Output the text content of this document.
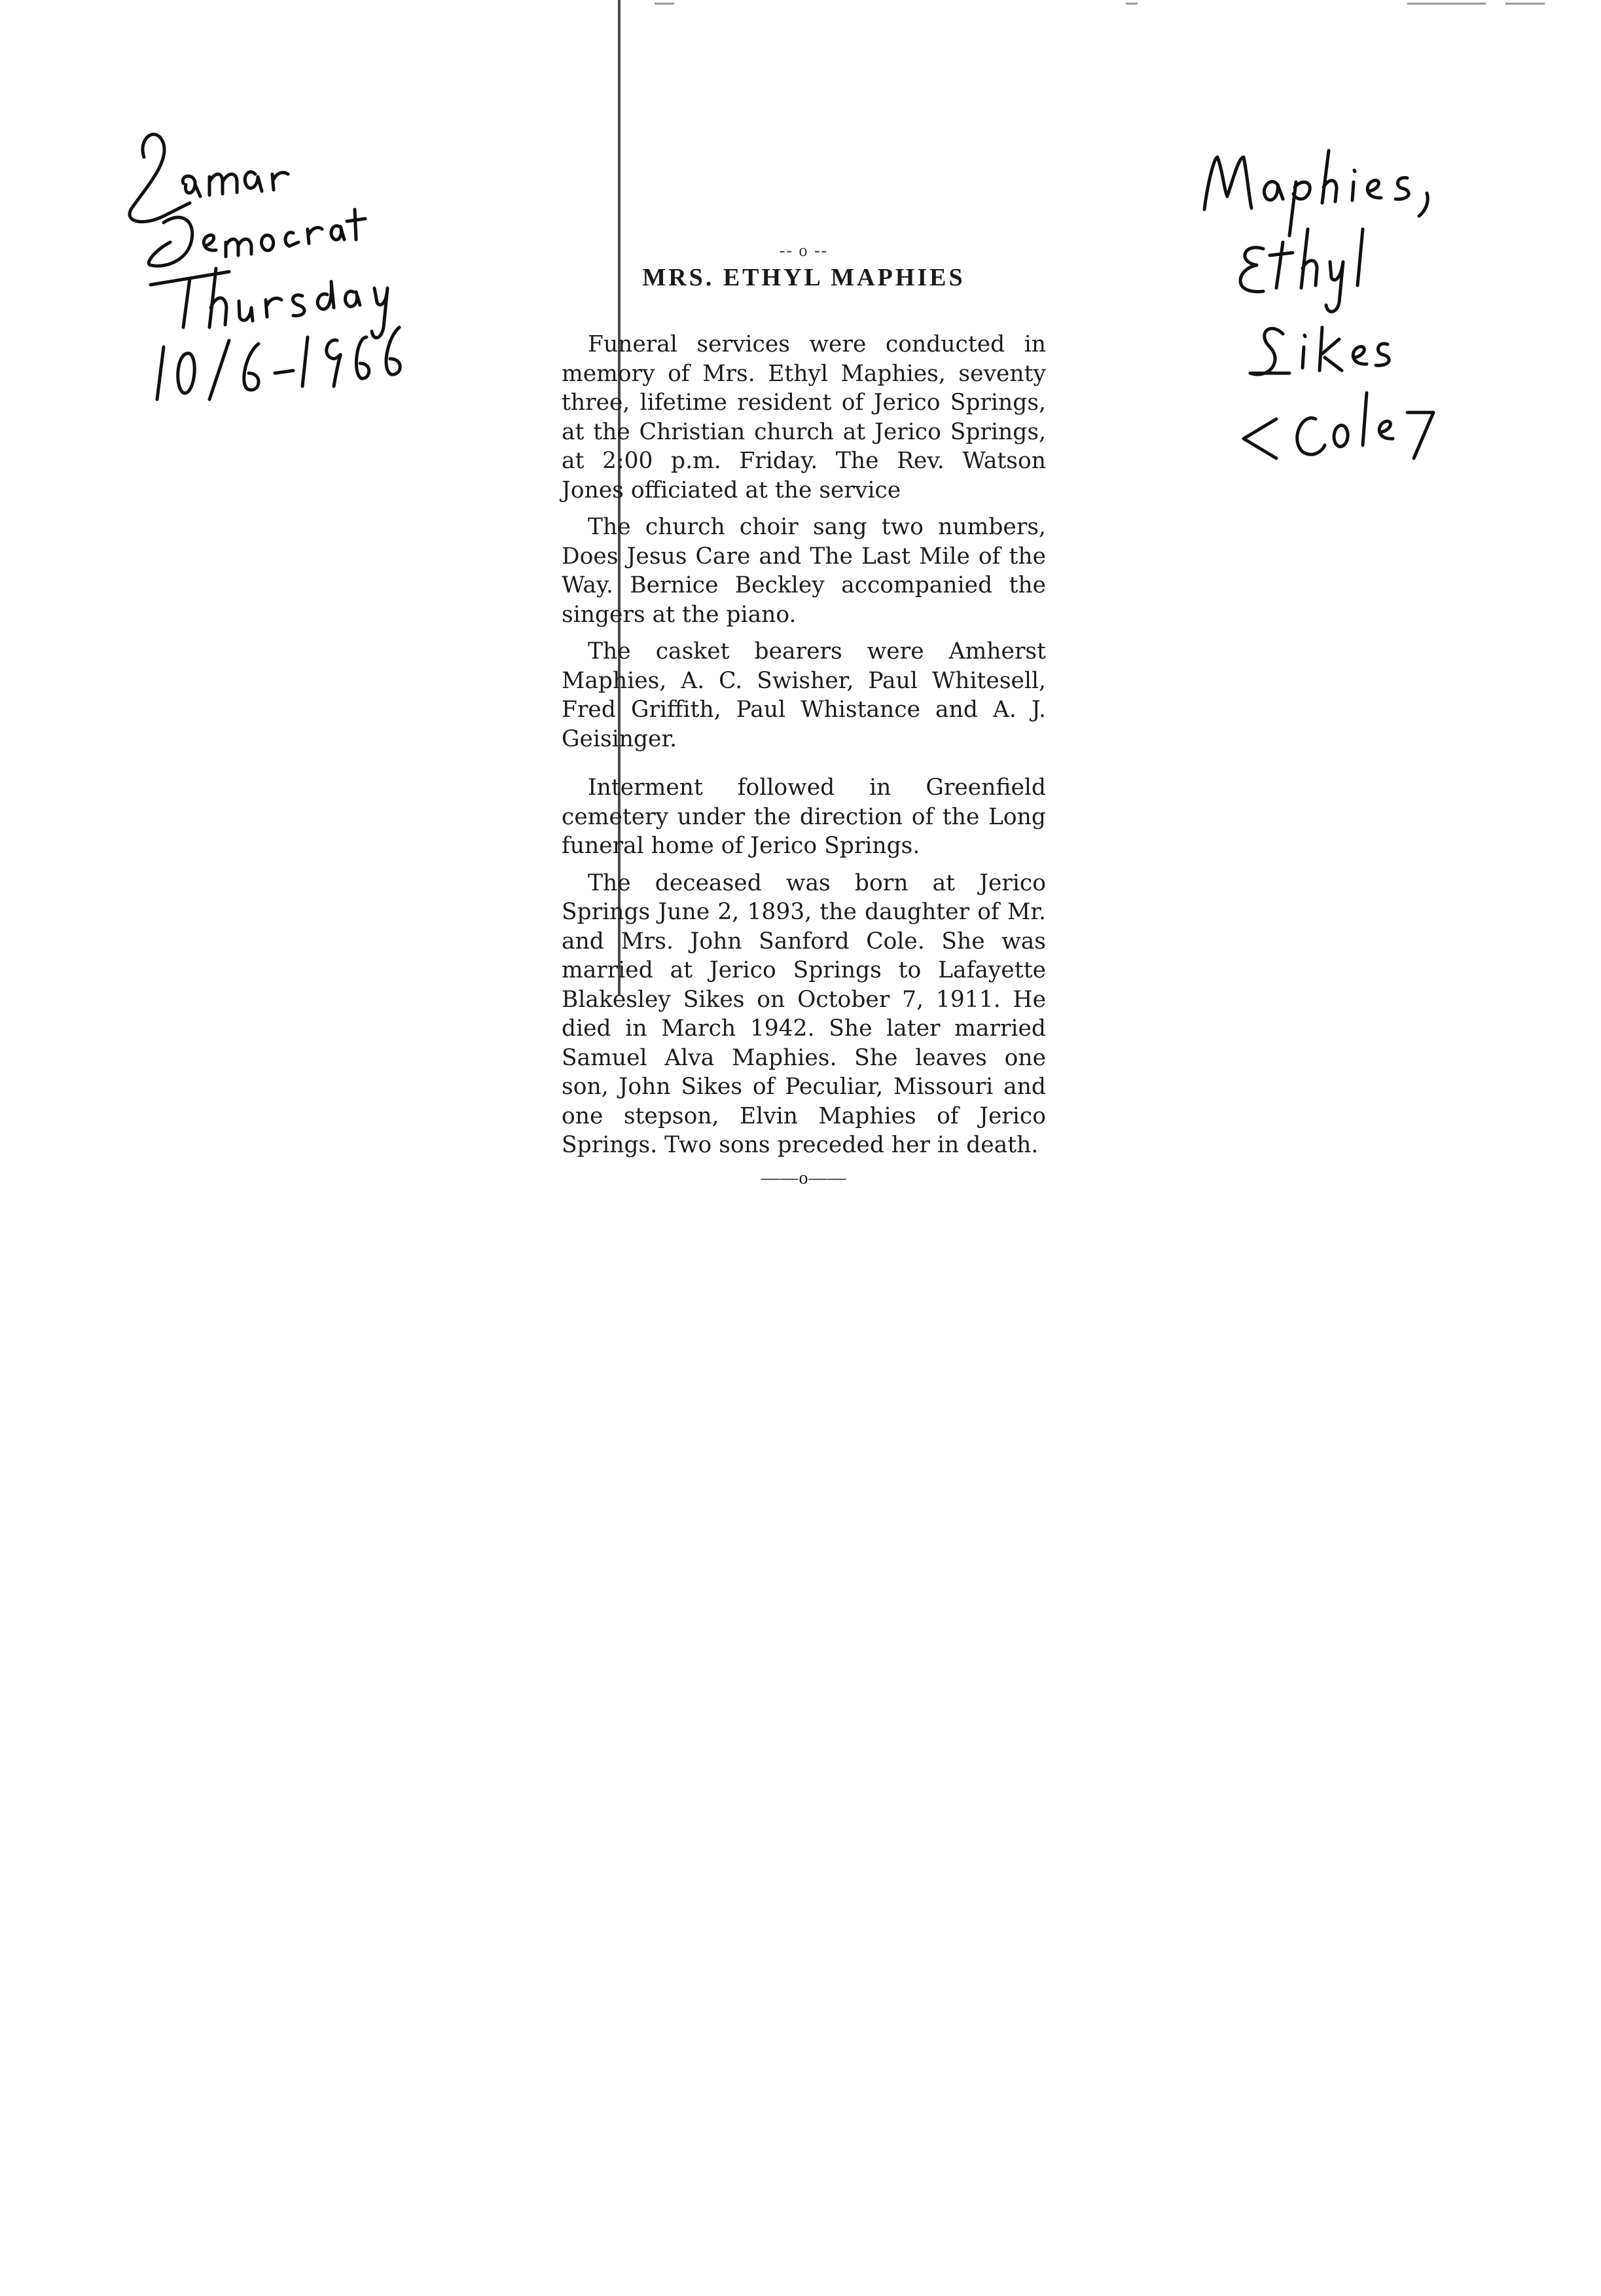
-- o --
MRS. ETHYL MAPHIES

Funeral services were conducted in memory of Mrs. Ethyl Maphies, seventy three, lifetime resident of Jerico Springs, at the Christian church at Jerico Springs, at 2:00 p.m. Friday. The Rev. Watson Jones officiated at the service

The church choir sang two numbers, Does Jesus Care and The Last Mile of the Way. Bernice Beckley accompanied the singers at the piano.

The casket bearers were Amherst Maphies, A. C. Swisher, Paul Whitesell, Fred Griffith, Paul Whistance and A. J. Geisinger.

Interment followed in Greenfield cemetery under the direction of the Long funeral home of Jerico Springs.

The deceased was born at Jerico Springs June 2, 1893, the daughter of Mr. and Mrs. John Sanford Cole. She was married at Jerico Springs to Lafayette Blakesley Sikes on October 7, 1911. He died in March 1942. She later married Samuel Alva Maphies. She leaves one son, John Sikes of Peculiar, Missouri and one stepson, Elvin Maphies of Jerico Springs. Two sons preceded her in death.

——o——
